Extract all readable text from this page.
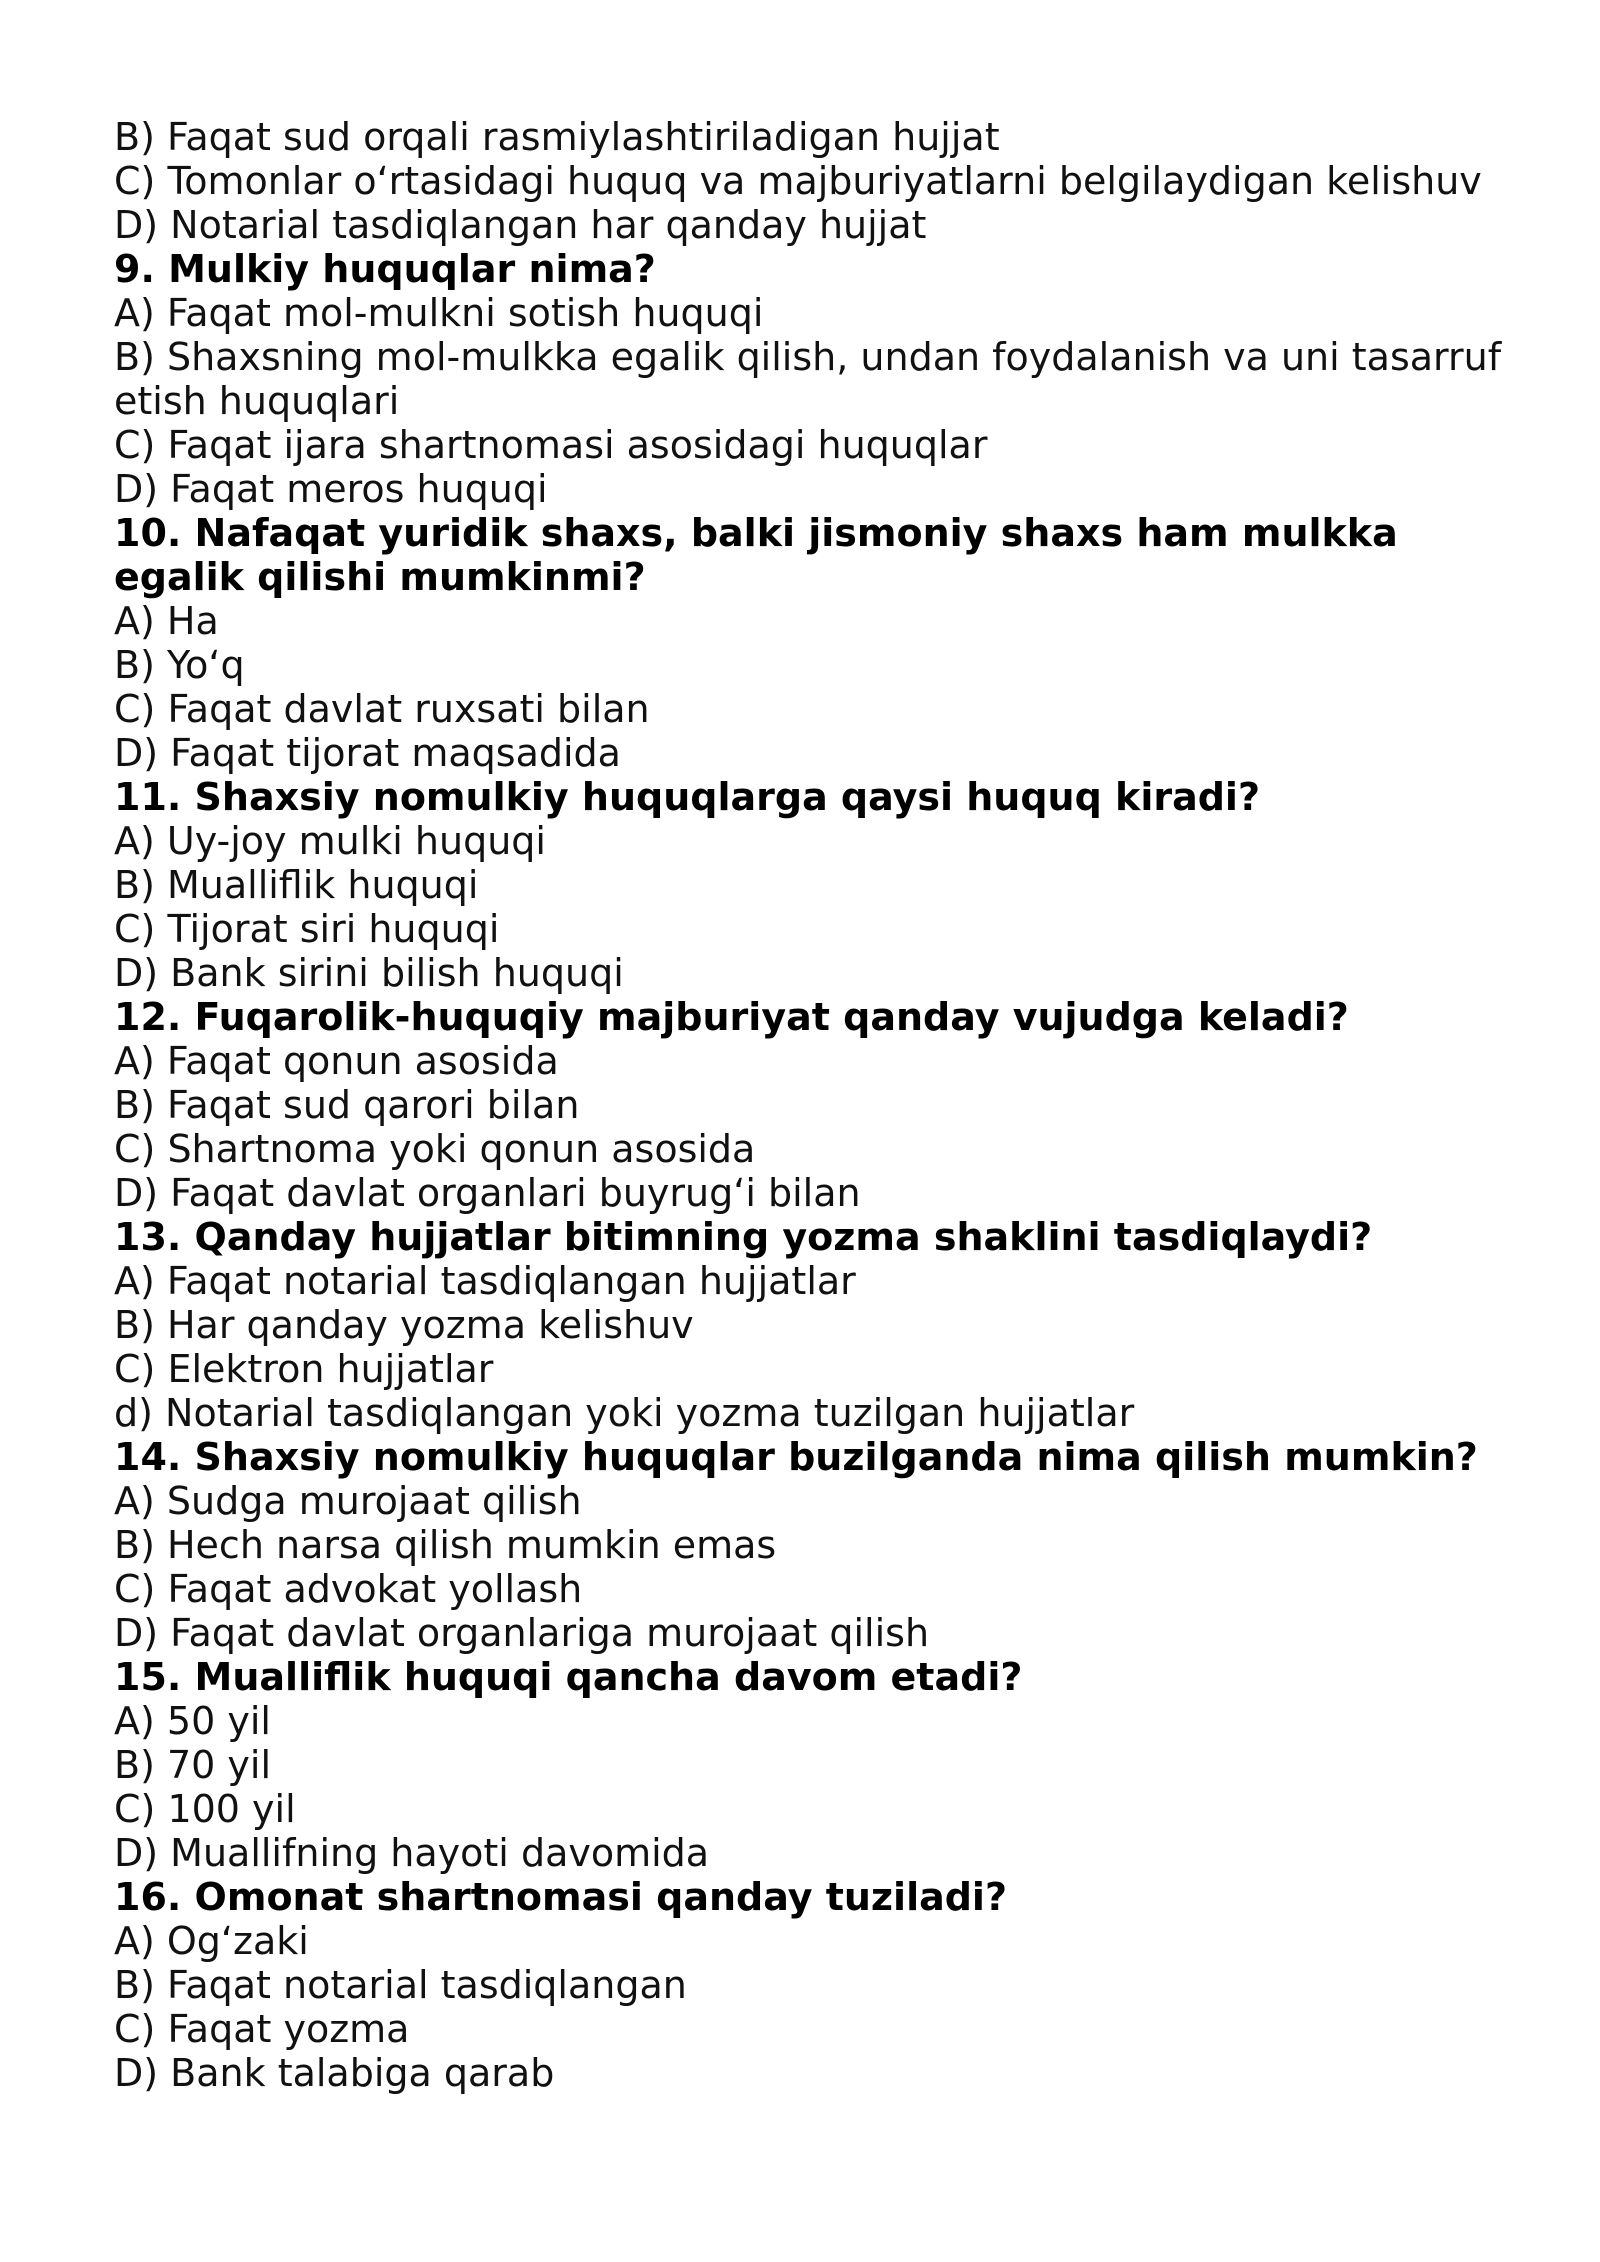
B) Faqat sud orqali rasmiylashtiriladigan hujjat
C) Tomonlar o‘rtasidagi huquq va majburiyatlarni belgilaydigan kelishuv
D) Notarial tasdiqlangan har qanday hujjat
9. Mulkiy huquqlar nima?
A) Faqat mol-mulkni sotish huquqi
B) Shaxsning mol-mulkka egalik qilish, undan foydalanish va uni tasarruf etish huquqlari
C) Faqat ijara shartnomasi asosidagi huquqlar
D) Faqat meros huquqi
10. Nafaqat yuridik shaxs, balki jismoniy shaxs ham mulkka egalik qilishi mumkinmi?
A) Ha
B) Yo‘q
C) Faqat davlat ruxsati bilan
D) Faqat tijorat maqsadida
11. Shaxsiy nomulkiy huquqlarga qaysi huquq kiradi?
A) Uy-joy mulki huquqi
B) Mualliflik huquqi
C) Tijorat siri huquqi
D) Bank sirini bilish huquqi
12. Fuqarolik-huquqiy majburiyat qanday vujudga keladi?
A) Faqat qonun asosida
B) Faqat sud qarori bilan
C) Shartnoma yoki qonun asosida
D) Faqat davlat organlari buyrug‘i bilan
13. Qanday hujjatlar bitimning yozma shaklini tasdiqlaydi?
A) Faqat notarial tasdiqlangan hujjatlar
B) Har qanday yozma kelishuv
C) Elektron hujjatlar
d) Notarial tasdiqlangan yoki yozma tuzilgan hujjatlar
14. Shaxsiy nomulkiy huquqlar buzilganda nima qilish mumkin?
A) Sudga murojaat qilish
B) Hech narsa qilish mumkin emas
C) Faqat advokat yollash
D) Faqat davlat organlariga murojaat qilish
15. Mualliflik huquqi qancha davom etadi?
A) 50 yil
B) 70 yil
C) 100 yil
D) Muallifning hayoti davomida
16. Omonat shartnomasi qanday tuziladi?
A) Og‘zaki
B) Faqat notarial tasdiqlangan
C) Faqat yozma
D) Bank talabiga qarab
